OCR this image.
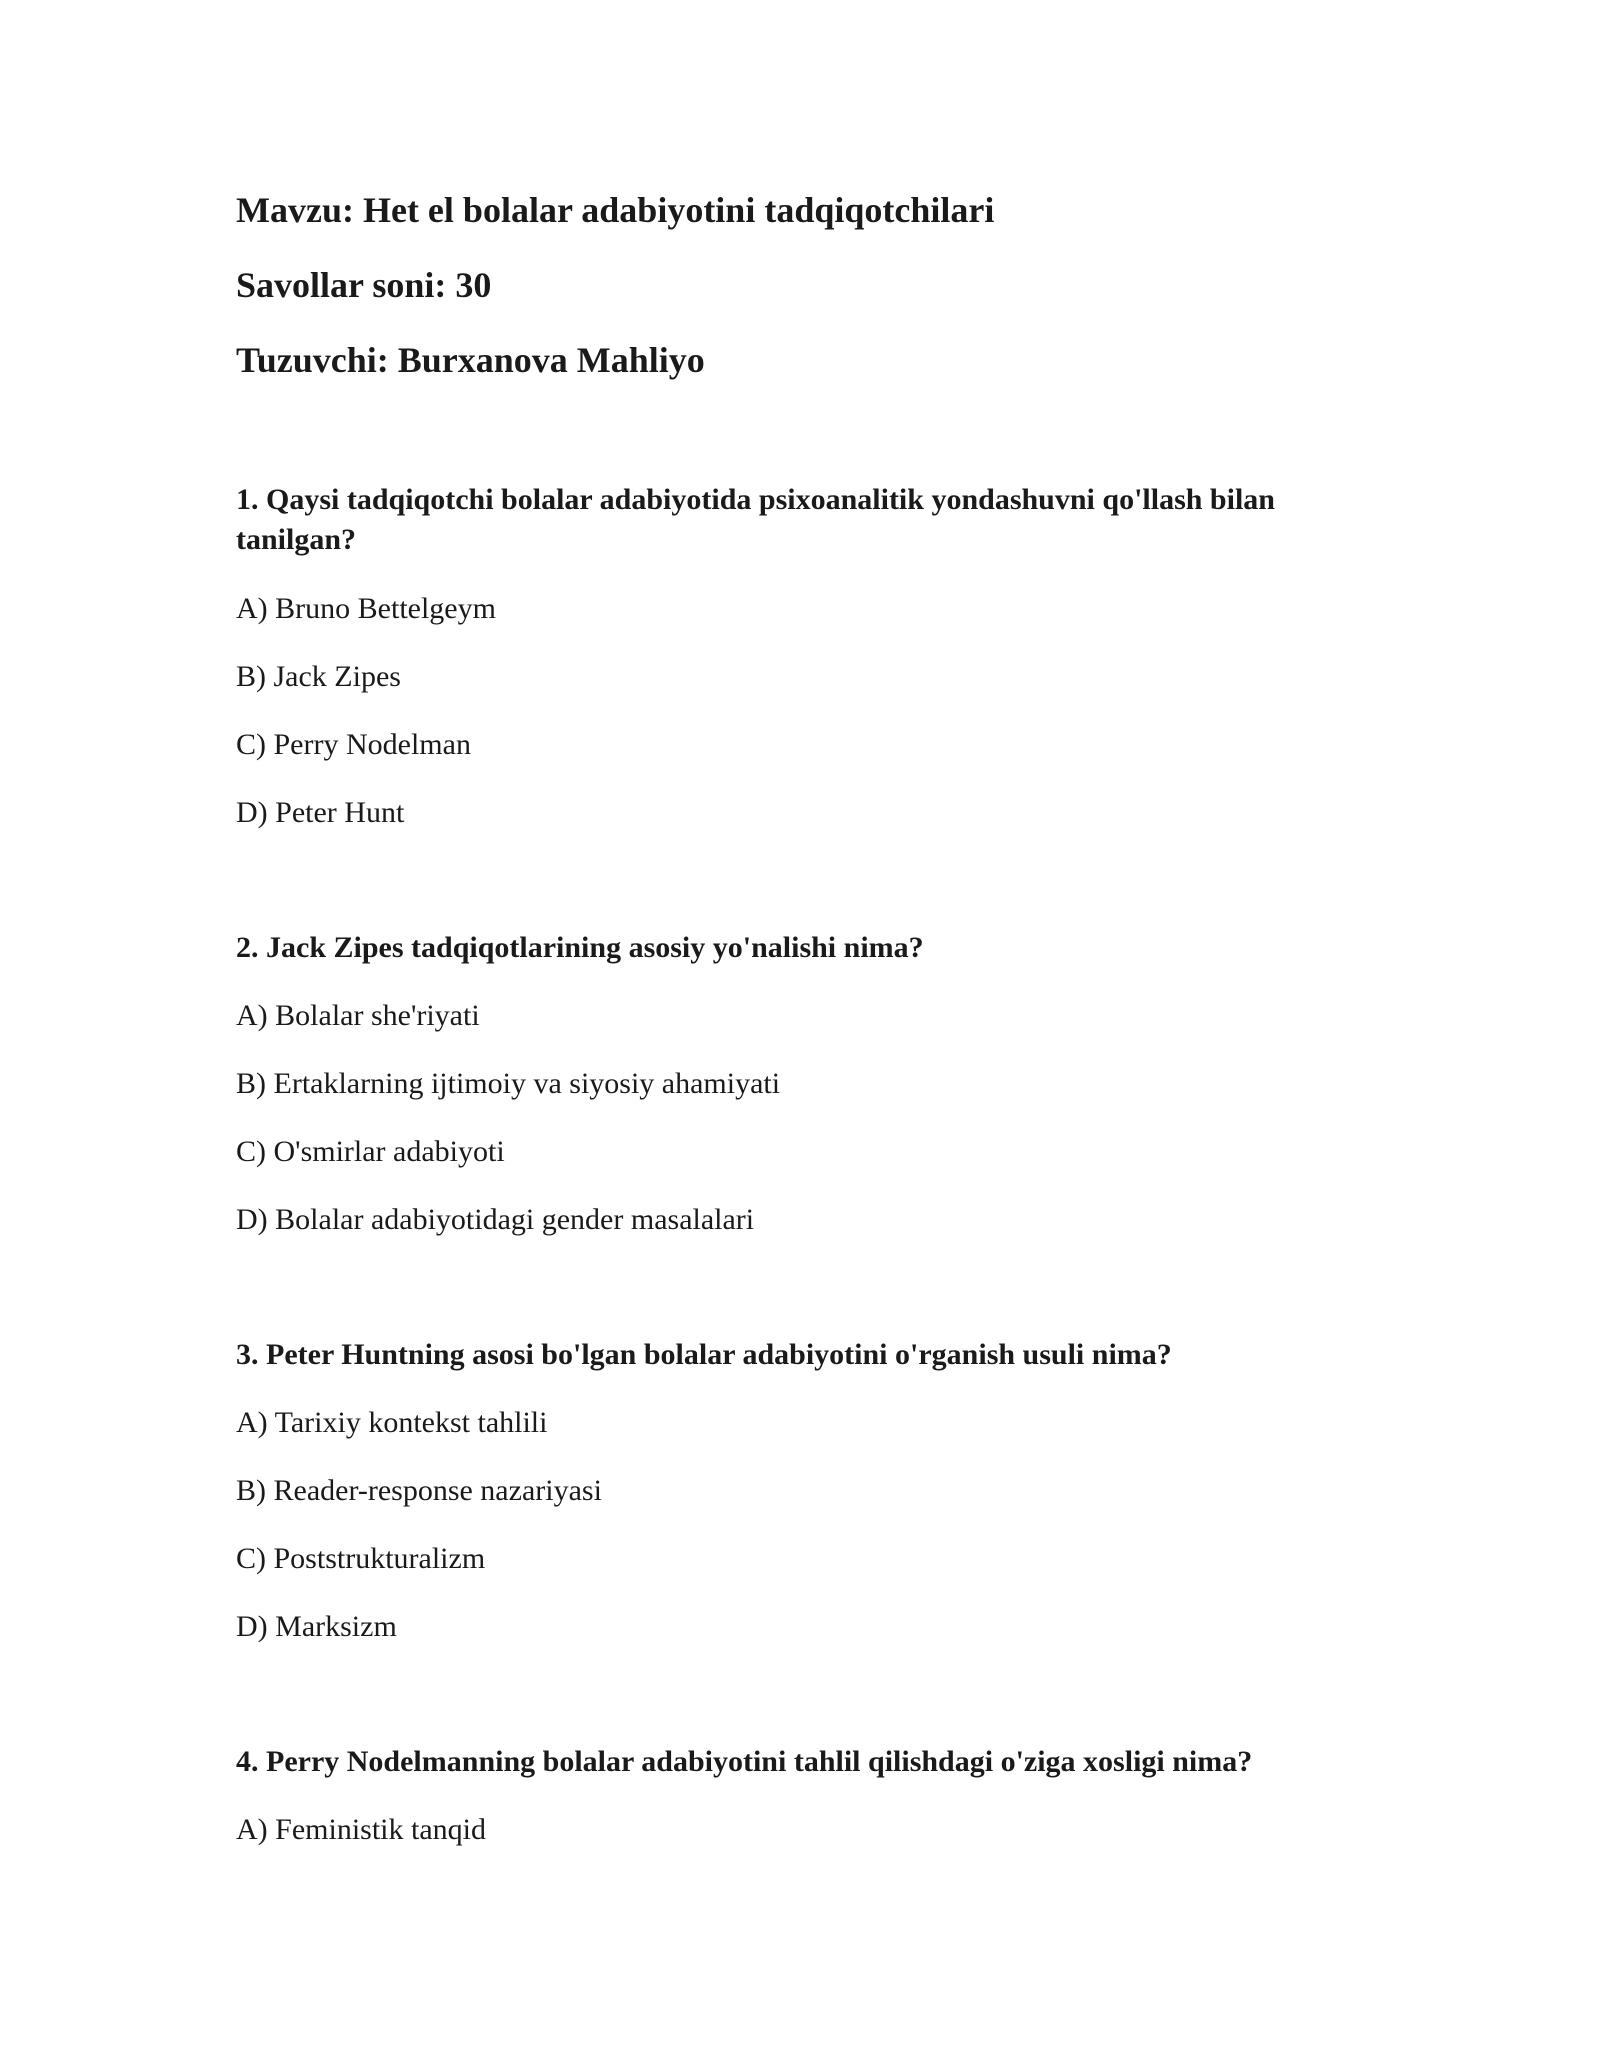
Mavzu: Het el bolalar adabiyotini tadqiqotchilari

Savollar soni: 30

Tuzuvchi: Burxanova Mahliyo

1. Qaysi tadqiqotchi bolalar adabiyotida psixoanalitik yondashuvni qo'llash bilan tanilgan?

A) Bruno Bettelgeym

B) Jack Zipes

C) Perry Nodelman

D) Peter Hunt

2. Jack Zipes tadqiqotlarining asosiy yo'nalishi nima?

A) Bolalar she'riyati

B) Ertaklarning ijtimoiy va siyosiy ahamiyati

C) O'smirlar adabiyoti

D) Bolalar adabiyotidagi gender masalalari

3. Peter Huntning asosi bo'lgan bolalar adabiyotini o'rganish usuli nima?

A) Tarixiy kontekst tahlili

B) Reader-response nazariyasi

C) Poststrukturalizm

D) Marksizm

4. Perry Nodelmanning bolalar adabiyotini tahlil qilishdagi o'ziga xosligi nima?

A) Feministik tanqid
